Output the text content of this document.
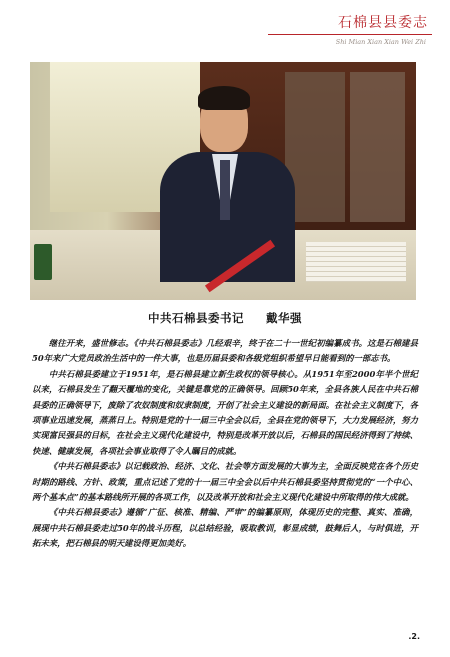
石棉县县委志
Shi Mian Xian Xian Wei Zhi
中共石棉县委书记 戴华强

继往开来，盛世修志。《中共石棉县委志》几经艰辛，终于在二十一世纪初编纂成书。这是石棉建县50年来广大党员政治生活中的一件大事，也是历届县委和各级党组织希望早日能看到的一部志书。

中共石棉县委建立于1951年，是石棉县建立新生政权的领导核心。从1951年至2000年半个世纪以来，石棉县发生了翻天覆地的变化，关键是靠党的正确领导。回顾50年来，全县各族人民在中共石棉县委的正确领导下，废除了农奴制度和奴隶制度，开创了社会主义建设的新局面。在社会主义制度下，各项事业迅速发展，蒸蒸日上。特别是党的十一届三中全会以后，全县在党的领导下，大力发展经济，努力实现富民强县的目标，在社会主义现代化建设中，特别是改革开放以后，石棉县的国民经济得到了持续、快速、健康发展，各项社会事业取得了令人瞩目的成就。

《中共石棉县委志》以记载政治、经济、文化、社会等方面发展的大事为主，全面反映党在各个历史时期的路线、方针、政策，重点记述了党的十一届三中全会以后中共石棉县委坚持贯彻党的“一个中心、两个基本点”的基本路线所开展的各项工作，以及改革开放和社会主义现代化建设中所取得的伟大成就。

《中共石棉县委志》遵循“广征、核准、精编、严审”的编纂原则，体现历史的完整、真实、准确，展现中共石棉县委走过50年的战斗历程，以总结经验，吸取教训，彰显成绩，鼓舞后人，与时俱进，开拓未来，把石棉县的明天建设得更加美好。

.2.
